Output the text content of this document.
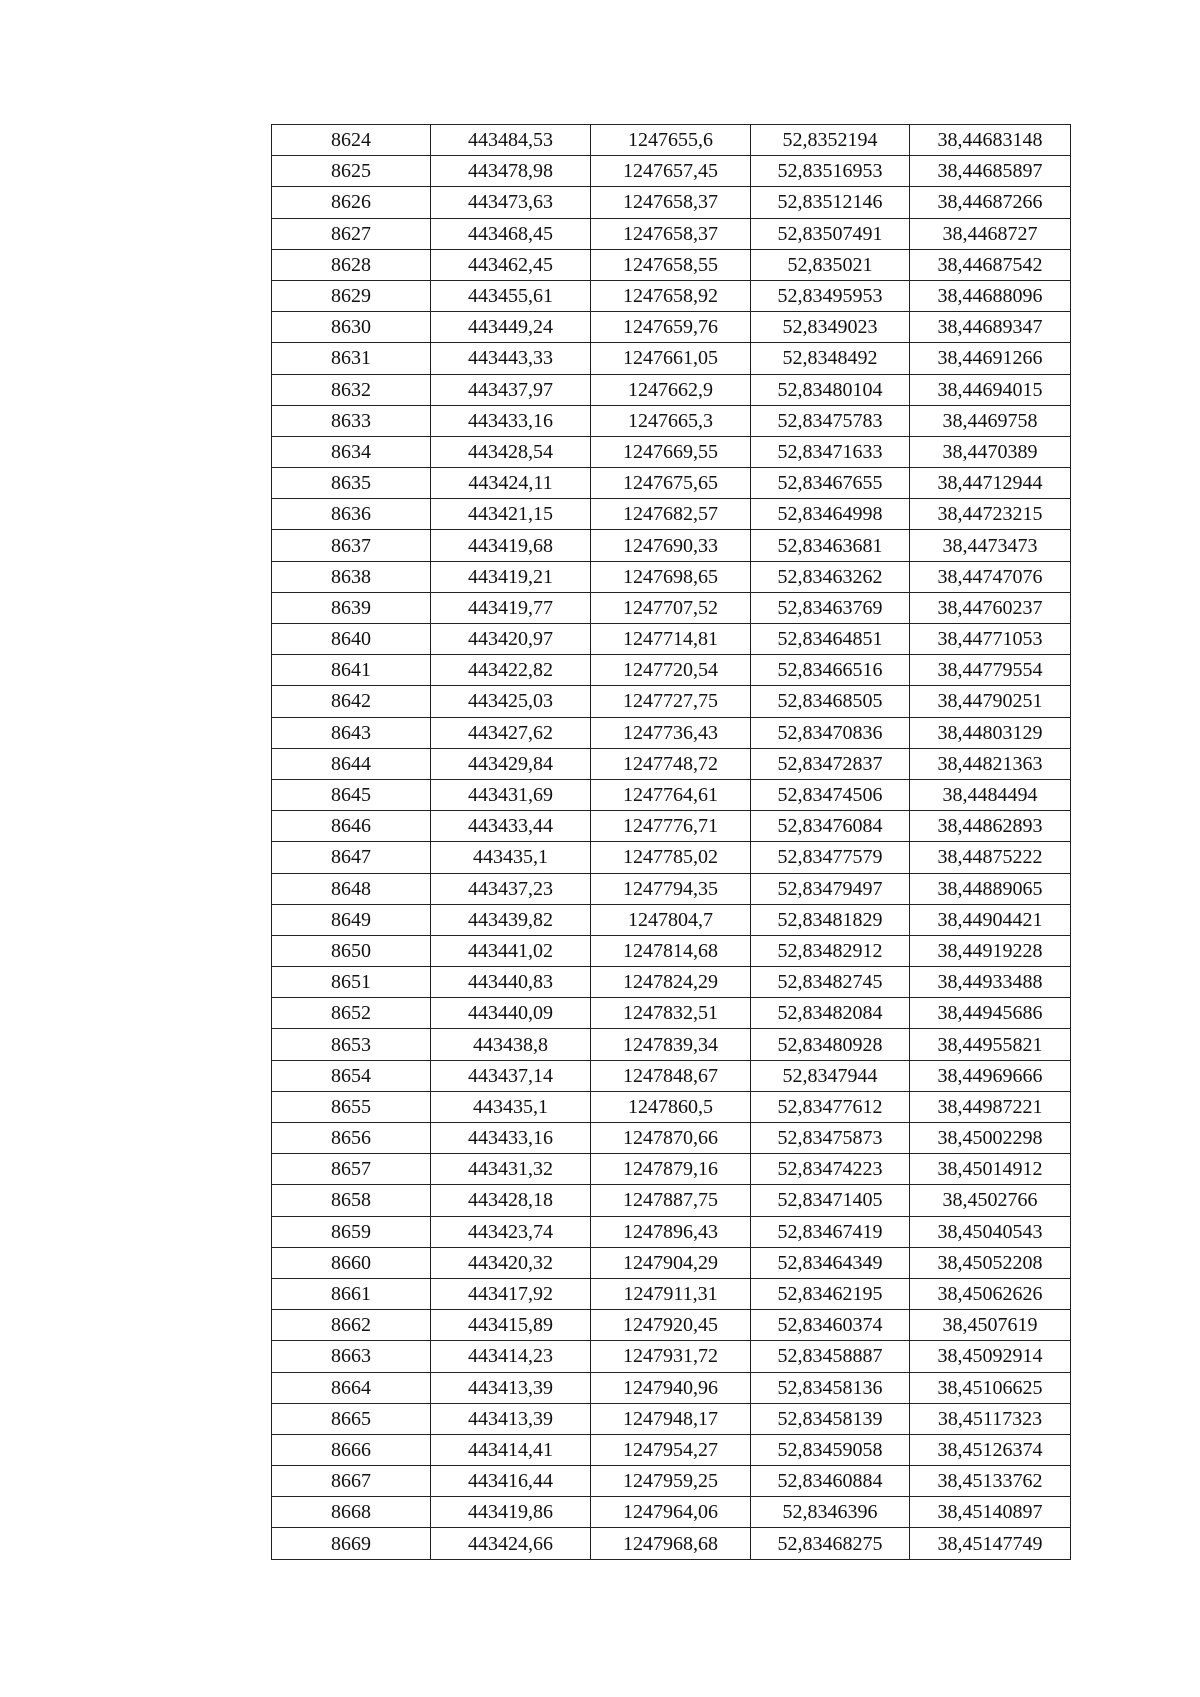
8624	443484,53	1247655,6	52,8352194	38,44683148
8625	443478,98	1247657,45	52,83516953	38,44685897
8626	443473,63	1247658,37	52,83512146	38,44687266
8627	443468,45	1247658,37	52,83507491	38,4468727
8628	443462,45	1247658,55	52,835021	38,44687542
8629	443455,61	1247658,92	52,83495953	38,44688096
8630	443449,24	1247659,76	52,8349023	38,44689347
8631	443443,33	1247661,05	52,8348492	38,44691266
8632	443437,97	1247662,9	52,83480104	38,44694015
8633	443433,16	1247665,3	52,83475783	38,4469758
8634	443428,54	1247669,55	52,83471633	38,4470389
8635	443424,11	1247675,65	52,83467655	38,44712944
8636	443421,15	1247682,57	52,83464998	38,44723215
8637	443419,68	1247690,33	52,83463681	38,4473473
8638	443419,21	1247698,65	52,83463262	38,44747076
8639	443419,77	1247707,52	52,83463769	38,44760237
8640	443420,97	1247714,81	52,83464851	38,44771053
8641	443422,82	1247720,54	52,83466516	38,44779554
8642	443425,03	1247727,75	52,83468505	38,44790251
8643	443427,62	1247736,43	52,83470836	38,44803129
8644	443429,84	1247748,72	52,83472837	38,44821363
8645	443431,69	1247764,61	52,83474506	38,4484494
8646	443433,44	1247776,71	52,83476084	38,44862893
8647	443435,1	1247785,02	52,83477579	38,44875222
8648	443437,23	1247794,35	52,83479497	38,44889065
8649	443439,82	1247804,7	52,83481829	38,44904421
8650	443441,02	1247814,68	52,83482912	38,44919228
8651	443440,83	1247824,29	52,83482745	38,44933488
8652	443440,09	1247832,51	52,83482084	38,44945686
8653	443438,8	1247839,34	52,83480928	38,44955821
8654	443437,14	1247848,67	52,8347944	38,44969666
8655	443435,1	1247860,5	52,83477612	38,44987221
8656	443433,16	1247870,66	52,83475873	38,45002298
8657	443431,32	1247879,16	52,83474223	38,45014912
8658	443428,18	1247887,75	52,83471405	38,4502766
8659	443423,74	1247896,43	52,83467419	38,45040543
8660	443420,32	1247904,29	52,83464349	38,45052208
8661	443417,92	1247911,31	52,83462195	38,45062626
8662	443415,89	1247920,45	52,83460374	38,4507619
8663	443414,23	1247931,72	52,83458887	38,45092914
8664	443413,39	1247940,96	52,83458136	38,45106625
8665	443413,39	1247948,17	52,83458139	38,45117323
8666	443414,41	1247954,27	52,83459058	38,45126374
8667	443416,44	1247959,25	52,83460884	38,45133762
8668	443419,86	1247964,06	52,8346396	38,45140897
8669	443424,66	1247968,68	52,83468275	38,45147749
